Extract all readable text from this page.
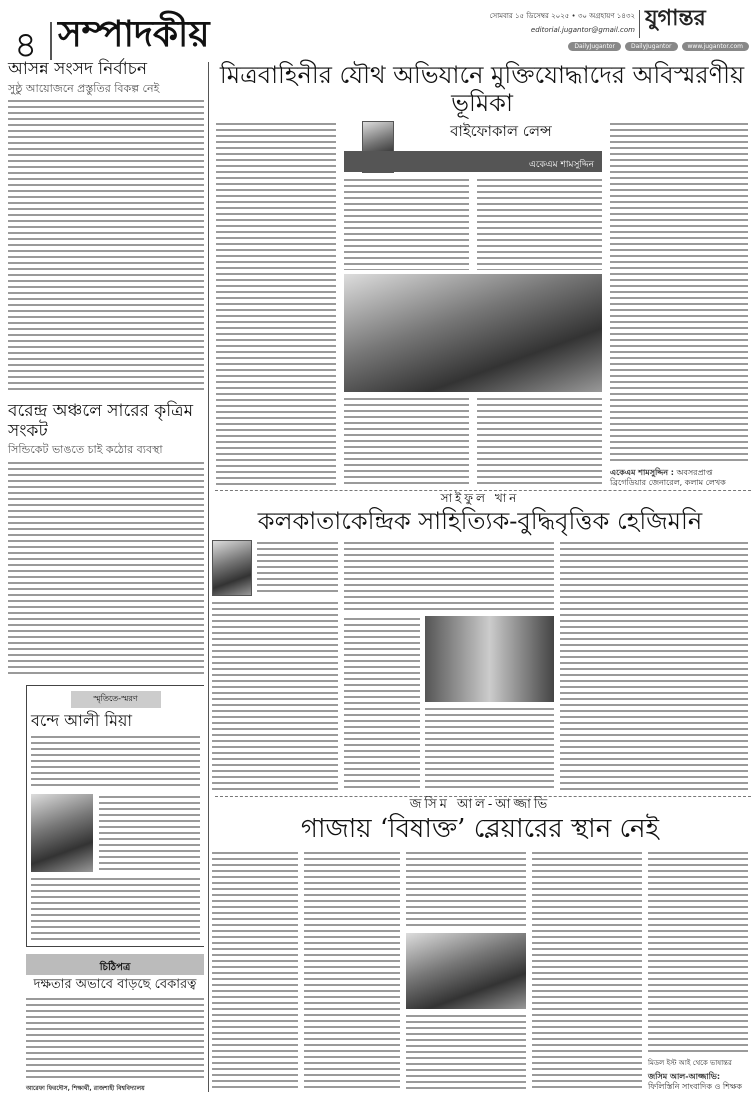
৪ সম্পাদকীয়	সোমবার ১৫ ডিসেম্বর ২০২৫ • ৩০ অগ্রহায়ণ ১৪৩২
editorial.jugantor@gmail.com যুগান্তর
DailyJugantor	DailyJugantor	www.jugantor.com
আসন্ন সংসদ নির্বাচন
সুষ্ঠু আয়োজনে প্রস্তুতির বিকল্প নেই
বরেন্দ্র অঞ্চলে সারের কৃত্রিম সংকট
সিন্ডিকেট ভাঙতে চাই কঠোর ব্যবস্থা
স্মৃতিতে-স্মরণ
বন্দে আলী মিয়া
চিঠিপত্র
দক্ষতার অভাবে বাড়ছে বেকারত্ব
আরেফা ফিরদৌস, শিক্ষার্থী, রাজশাহী বিশ্ববিদ্যালয়
মিত্রবাহিনীর যৌথ অভিযানে মুক্তিযোদ্ধাদের অবিস্মরণীয় ভূমিকা
বাইফোকাল লেন্স
একেএম শামসুদ্দিন
একেএম শামসুদ্দিন : অবসরপ্রাপ্ত ব্রিগেডিয়ার জেনারেল, কলাম লেখক
সাইফুল খান
কলকাতাকেন্দ্রিক সাহিত্যিক-বুদ্ধিবৃত্তিক হেজিমনি
জসিম আল-আজ্জাভি
গাজায় ‘বিষাক্ত’ ব্লেয়ারের স্থান নেই
মিডল ইস্ট আই থেকে ভাষান্তর
জসিম আল-আজ্জাভি: ফিলিস্তিনি সাংবাদিক ও শিক্ষক
